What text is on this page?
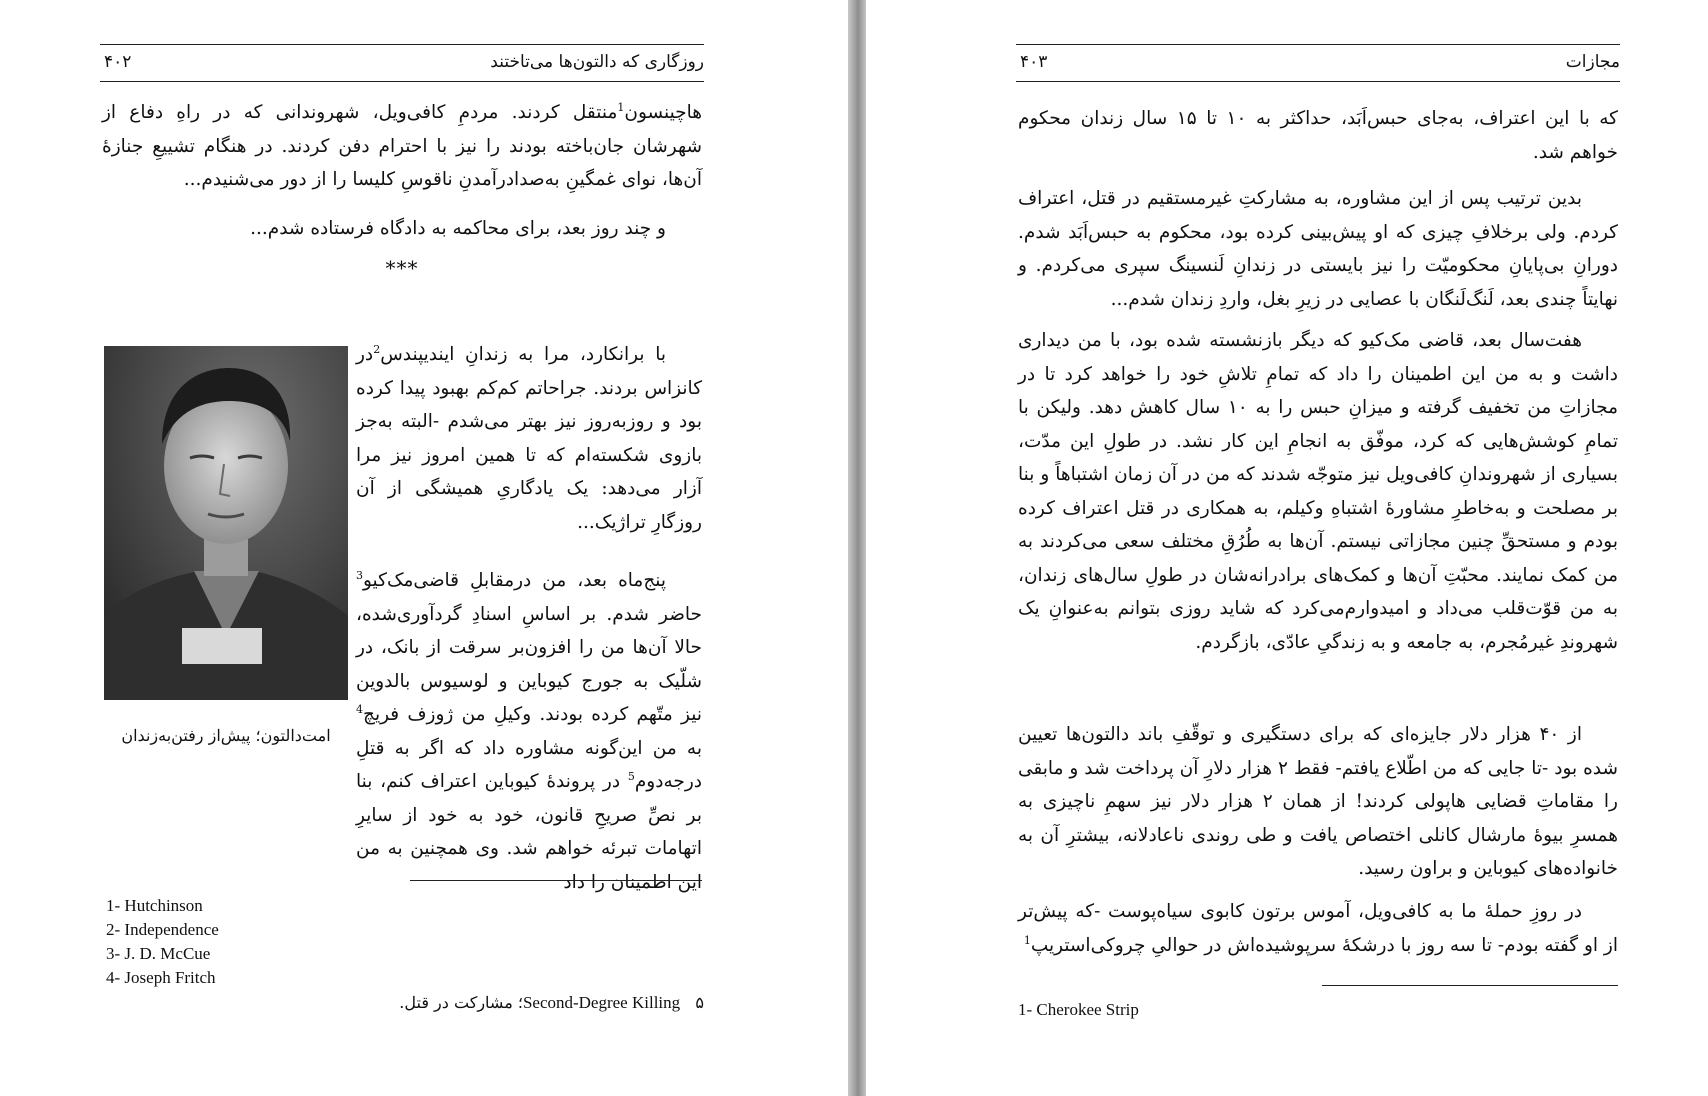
روزگاری که دالتون‌ها می‌تاختند
۴۰۲

هاچینسون$^1$منتقل کردند. مردمِ کافی‌ویل، شهروندانی که در راهِ دفاع از شهرشان جان‌باخته بودند را نیز با احترام دفن کردند. در هنگام تشییعِ جنازهٔ آن‌ها، نوای غمگینِ به‌صدادرآمدنِ ناقوسِ کلیسا را از دور می‌شنیدم...

و چند روز بعد، برای محاکمه به دادگاه فرستاده شدم...

***

با برانکارد، مرا به زندانِ ایندیپندس$^2$در کانزاس بردند. جراحاتم کم‌کم بهبود پیدا کرده بود و روزبه‌روز نیز بهتر می‌شدم -البته به‌جز بازوی شکسته‌ام که تا همین امروز نیز مرا آزار می‌دهد: یک یادگاریِ همیشگی از آن روزگارِ تراژیک...

پنج‌ماه بعد، من درمقابلِ قاضی‌مک‌کیو$^3$ حاضر شدم. بر اساسِ اسنادِ گردآوری‌شده، حالا آن‌ها من را افزون‌بر سرقت از بانک، در شلّیک به جورج کیوباین و لوسیوس بالدوین نیز متّهم کرده بودند. وکیلِ من ژوزف فریچ$^4$ به من این‌گونه مشاوره داد که اگر به قتلِ درجه‌دوم$^5$ در پروندهٔ کیوباین اعتراف کنم، بنا بر نصِّ صریحِ قانون، خود به خود از سایرِ اتهامات تبرئه خواهم شد. وی همچنین به من این اطمینان را داد

امت‌دالتون؛ پیش‌از رفتن‌به‌زندان
1- Hutchinson
2- Independence
3- J. D. McCue
4- Joseph Fritch
۵   Second-Degree Killing؛ مشارکت در قتل.
مجازات
۴۰۳

که با این اعتراف، به‌جای حبس‌اَبَد، حداکثر به ۱۰ تا ۱۵ سال زندان محکوم خواهم شد.

بدین ترتیب پس از این مشاوره، به مشارکتِ غیرمستقیم در قتل، اعتراف کردم. ولی برخلافِ چیزی که او پیش‌بینی کرده بود، محکوم به حبس‌اَبَد شدم. دورانِ بی‌پایانِ محکومیّت را نیز بایستی در زندانِ لَنسینگ سپری می‌کردم. و نهایتاً چندی بعد، لَنگ‌لَنگان با عصایی در زیرِ بغل، واردِ زندان شدم...

هفت‌سال بعد، قاضی مک‌کیو که دیگر بازنشسته شده بود، با من دیداری داشت و به من این اطمینان را داد که تمامِ تلاشِ خود را خواهد کرد تا در مجازاتِ من تخفیف گرفته و میزانِ حبس را به ۱۰ سال کاهش دهد. ولیکن با تمامِ کوشش‌هایی که کرد، موفّق به انجامِ این کار نشد. در طولِ این مدّت، بسیاری از شهروندانِ کافی‌ویل نیز متوجّه شدند که من در آن زمان اشتباهاً و بنا بر مصلحت و به‌خاطرِ مشاورهٔ اشتباهِ وکیلم، به همکاری در قتل اعتراف کرده بودم و مستحقِّ چنین مجازاتی نیستم. آن‌ها به طُرُقِ مختلف سعی می‌کردند به من کمک نمایند. محبّتِ آن‌ها و کمک‌های برادرانه‌شان در طولِ سال‌های زندان، به من قوّت‌قلب می‌داد و امیدوارم‌می‌کرد که شاید روزی بتوانم به‌عنوانِ یک شهروندِ غیرمُجرم، به جامعه و به زندگیِ عادّی، بازگردم.

از ۴۰ هزار دلار جایزه‌ای که برای دستگیری و توقّفِ باند دالتون‌ها تعیین شده بود -تا جایی که من اطّلاع یافتم- فقط ۲ هزار دلارِ آن پرداخت شد و مابقی را مقاماتِ قضایی هاپولی کردند! از همان ۲ هزار دلار نیز سهمِ ناچیزی به همسرِ بیوهٔ مارشال کانلی اختصاص یافت و طی روندی ناعادلانه، بیشترِ آن به خانواده‌های کیوباین و براون رسید.

در روزِ حملهٔ ما به کافی‌ویل، آموس برتون کابوی سیاه‌پوست -که پیش‌تر از او گفته بودم- تا سه روز با درشکهٔ سرپوشیده‌اش در حوالیِ چروکی‌استریپ$^1$

1- Cherokee Strip
